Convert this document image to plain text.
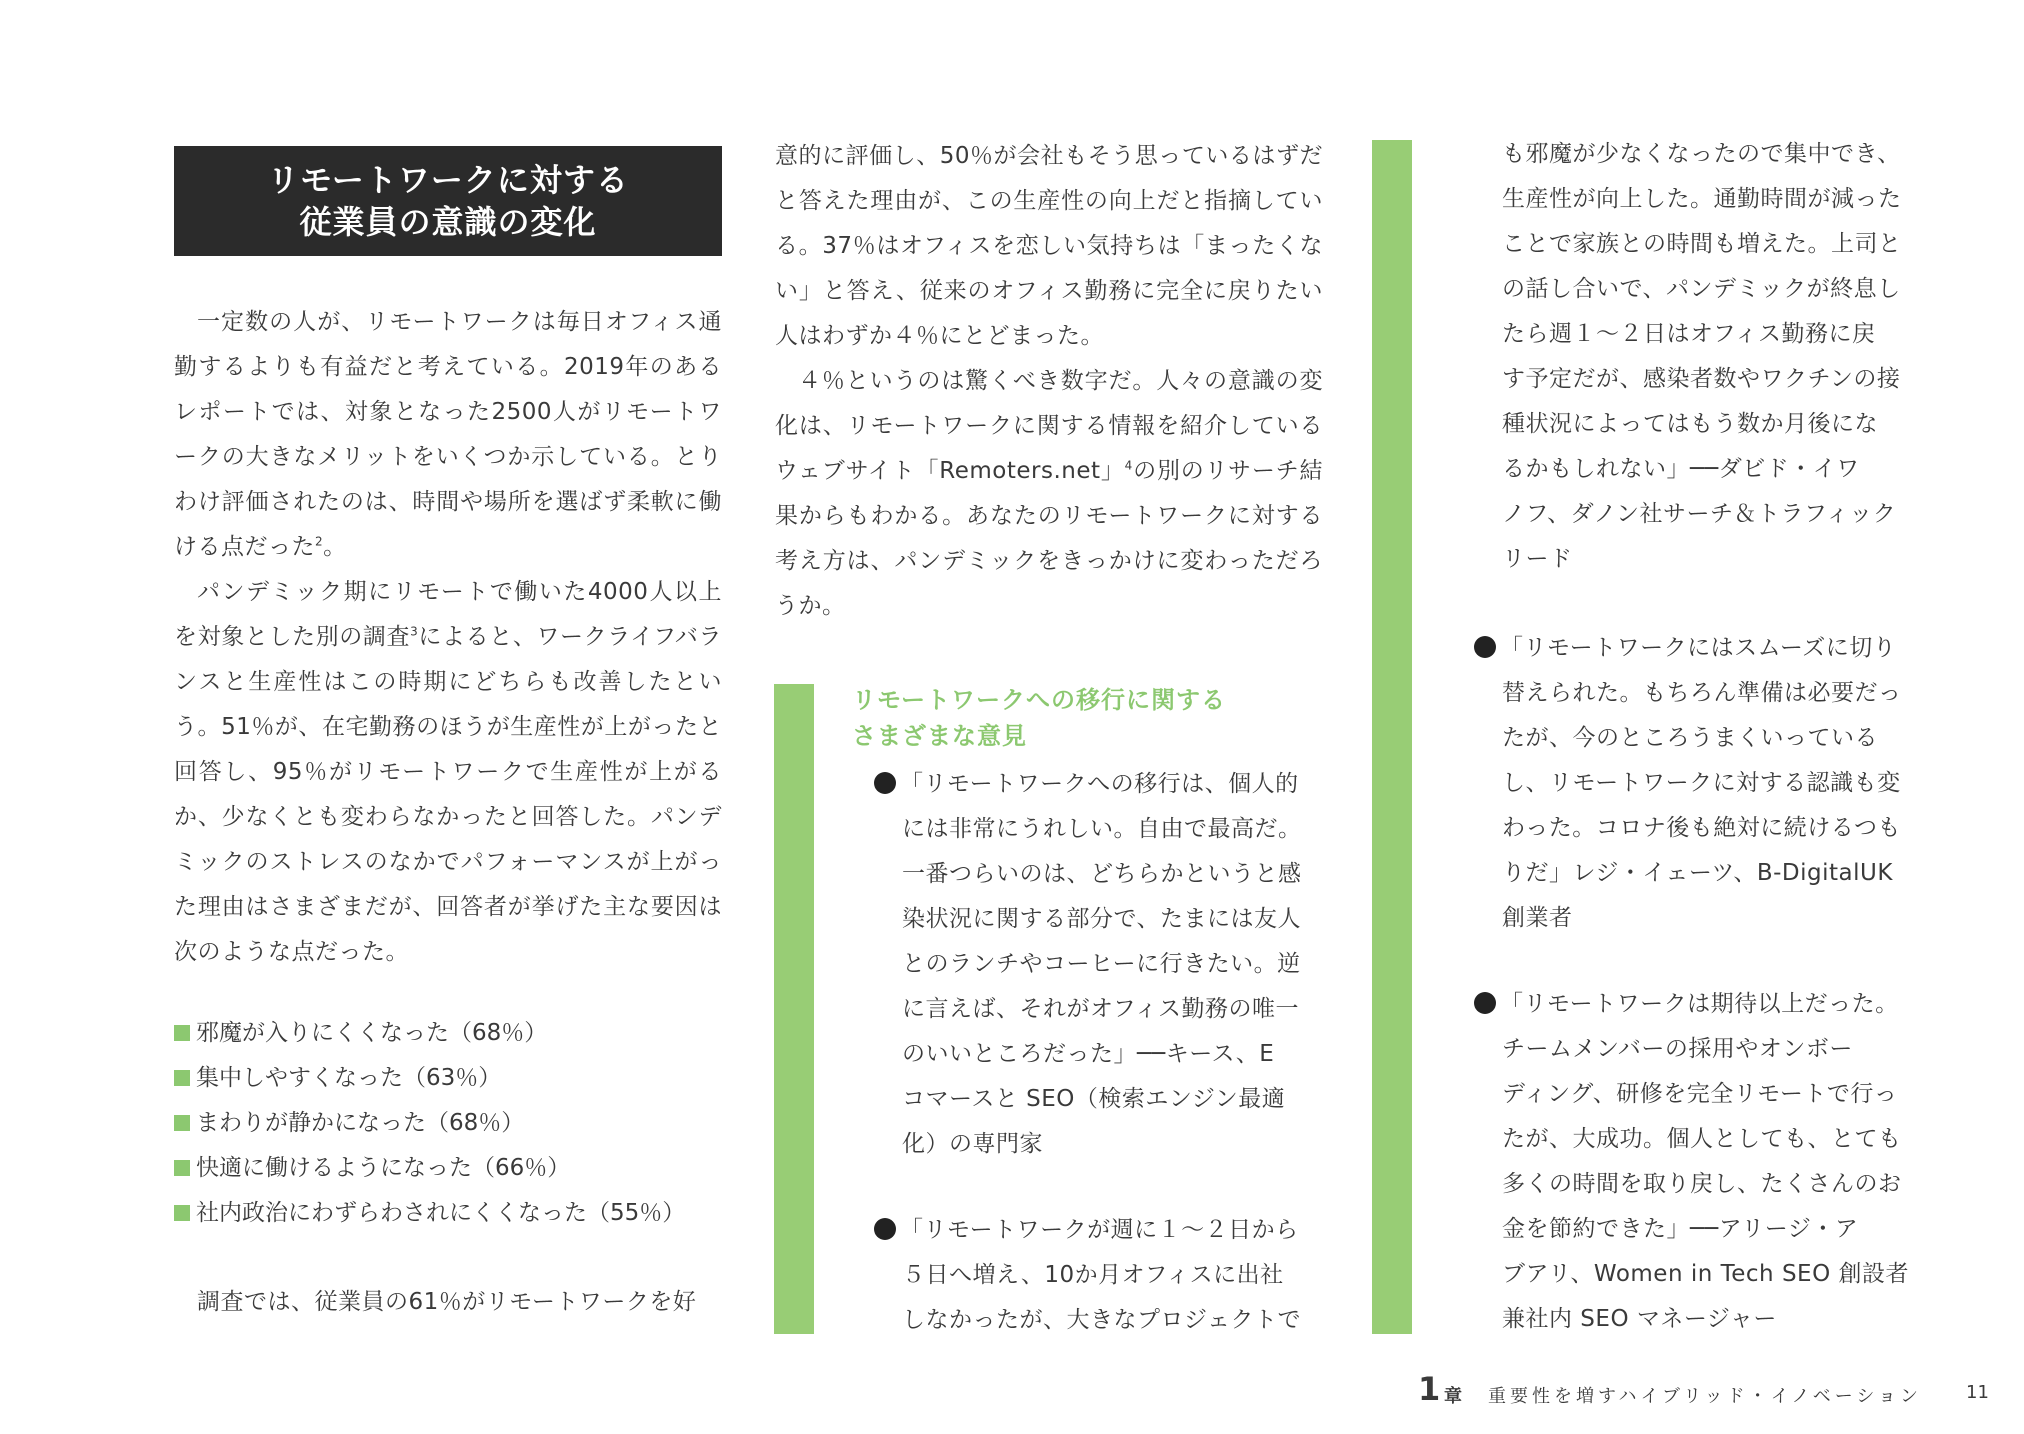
リモートワークに対する
従業員の意識の変化

一定数の人が、リモートワークは毎日オフィス通勤するよりも有益だと考えている。2019年のあるレポートでは、対象となった2500人がリモートワークの大きなメリットをいくつか示している。とりわけ評価されたのは、時間や場所を選ばず柔軟に働ける点だった$^2$。

パンデミック期にリモートで働いた4000人以上を対象とした別の調査$^3$によると、ワークライフバランスと生産性はこの時期にどちらも改善したという。51％が、在宅勤務のほうが生産性が上がったと回答し、95％がリモートワークで生産性が上がるか、少なくとも変わらなかったと回答した。パンデミックのストレスのなかでパフォーマンスが上がった理由はさまざまだが、回答者が挙げた主な要因は次のような点だった。

邪魔が入りにくくなった（68％）
集中しやすくなった（63％）
まわりが静かになった（68％）
快適に働けるようになった（66％）
社内政治にわずらわされにくくなった（55％）

調査では、従業員の61％がリモートワークを好

意的に評価し、50％が会社もそう思っているはずだと答えた理由が、この生産性の向上だと指摘している。37％はオフィスを恋しい気持ちは「まったくない」と答え、従来のオフィス勤務に完全に戻りたい人はわずか４％にとどまった。

４％というのは驚くべき数字だ。人々の意識の変化は、リモートワークに関する情報を紹介しているウェブサイト「Remoters.net」$^4$の別のリサーチ結果からもわかる。あなたのリモートワークに対する考え方は、パンデミックをきっかけに変わっただろうか。

リモートワークへの移行に関する
さまざまな意見
「リモートワークへの移行は、個人的
には非常にうれしい。自由で最高だ。
一番つらいのは、どちらかというと感
染状況に関する部分で、たまには友人
とのランチやコーヒーに行きたい。逆
に言えば、それがオフィス勤務の唯一
のいいところだった」──キース、E
コマースと SEO（検索エンジン最適
化）の専門家
「リモートワークが週に１～２日から
５日へ増え、10か月オフィスに出社
しなかったが、大きなプロジェクトで
も邪魔が少なくなったので集中でき、
生産性が向上した。通勤時間が減った
ことで家族との時間も増えた。上司と
の話し合いで、パンデミックが終息し
たら週１～２日はオフィス勤務に戻
す予定だが、感染者数やワクチンの接
種状況によってはもう数か月後にな
るかもしれない」──ダビド・イワ
ノフ、ダノン社サーチ＆トラフィック
リード
「リモートワークにはスムーズに切り
替えられた。もちろん準備は必要だっ
たが、今のところうまくいっている
し、リモートワークに対する認識も変
わった。コロナ後も絶対に続けるつも
りだ」レジ・イェーツ、B-DigitalUK
創業者
「リモートワークは期待以上だった。
チームメンバーの採用やオンボー
ディング、研修を完全リモートで行っ
たが、大成功。個人としても、とても
多くの時間を取り戻し、たくさんのお
金を節約できた」──アリージ・ア
ブアリ、Women in Tech SEO 創設者
兼社内 SEO マネージャー
1 章 重要性を増すハイブリッド・イノベーション 11
